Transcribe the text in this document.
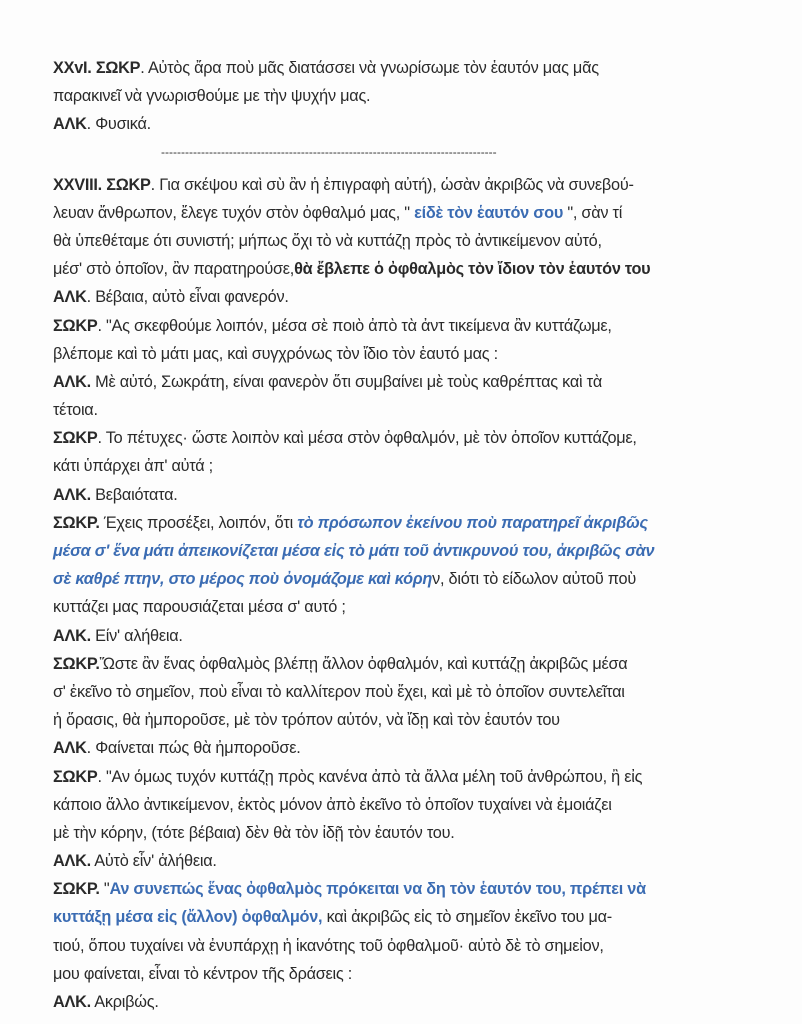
XXvI. ΣΩΚΡ. Αὐτὸς ἄρα ποὺ μᾶς διατάσσει νὰ γνωρίσωμε τὸν ἑαυτόν μας μᾶς
παρακινεῖ νὰ γνωρισθούμε με τὴν ψυχήν μας.
ΑΛΚ. Φυσικά.
------------------------------------------------------------------------------------
XXVIII. ΣΩΚΡ. Για σκέψου καὶ σὺ ἂν ἡ ἐπιγραφὴ αὐτή), ὡσὰν ἀκριβῶς νὰ συνεβού-
λευαν ἄνθρωπον, ἔλεγε τυχόν στὸν ὀφθαλμό μας, " είδὲ τὸν ἑαυτόν σου ", σὰν τί
θὰ ὑπεθέταμε ότι συνιστή; μήπως ὄχι τὸ νὰ κυττάζῃ πρὸς τὸ ἀντικείμενον αὐτό,
μέσ' στὸ ὁποῖον, ἂν παρατηρούσε,θὰ ἔβλεπε ὁ ὀφθαλμὸς τὸν ἴδιον τὸν ἑαυτόν του
ΑΛΚ. Βέβαια, αὐτὸ εἶναι φανερόν.
ΣΩΚΡ. "Ας σκεφθούμε λοιπόν, μέσα σὲ ποιὸ ἀπὸ τὰ ἀντ τικείμενα ἂν κυττάζωμε,
βλέπομε καὶ τὸ μάτι μας, καὶ συγχρόνως τὸν ἴδιο τὸν ἑαυτό μας :
ΑΛΚ. Μὲ αὐτό, Σωκράτη, είναι φανερὸν ὅτι συμβαίνει μὲ τοὺς καθρέπτας καὶ τὰ
τέτοια.
ΣΩΚΡ. Το πέτυχες· ὥστε λοιπὸν καὶ μέσα στὸν ὀφθαλμόν, μὲ τὸν ὁποῖον κυττάζομε,
κάτι ὑπάρχει ἀπ' αὐτά ;
ΑΛΚ. Βεβαιότατα.
ΣΩΚΡ. Έχεις προσέξει, λοιπόν, ὅτι τὸ πρόσωπον ἐκείνου ποὺ παρατηρεῖ ἀκριβῶς
μέσα σ' ἕνα μάτι ἀπεικονίζεται μέσα εἰς τὸ μάτι τοῦ ἀντικρυνού του, ἀκριβῶς σὰν
σὲ καθρέ πτην, στο μέρος ποὺ ὀνομάζομε καὶ κόρην, διότι τὸ είδωλον αὐτοῦ ποὺ
κυττάζει μας παρουσιάζεται μέσα σ' αυτό ;
ΑΛΚ. Είν' αλήθεια.
ΣΩΚΡ.Ὥστε ἂν ἕνας ὀφθαλμὸς βλέπῃ ἄλλον ὀφθαλμόν, καὶ κυττάζῃ ἀκριβῶς μέσα
σ' ἐκεῖνο τὸ σημεῖον, ποὺ εἶναι τὸ καλλίτερον ποὺ ἔχει, καὶ μὲ τὸ ὁποῖον συντελεῖται
ἡ ὅρασις, θὰ ἠμποροῦσε, μὲ τὸν τρόπον αὐτόν, νὰ ἴδῃ καὶ τὸν ἑαυτόν του
ΑΛΚ. Φαίνεται πώς θὰ ἠμποροῦσε.
ΣΩΚΡ. "Αν όμως τυχόν κυττάζῃ πρὸς κανένα ἀπὸ τὰ ἄλλα μέλη τοῦ ἀνθρώπου, ἢ εἰς
κάποιο ἄλλο ἀντικείμενον, ἐκτὸς μόνον ἀπὸ ἐκεῖνο τὸ ὁποῖον τυχαίνει νὰ ἐμοιάζει
μὲ τὴν κόρην, (τότε βέβαια) δὲν θὰ τὸν ἰδῇ τὸν ἑαυτόν του.
ΑΛΚ. Αὐτὸ εἶν' ἀλήθεια.
ΣΩΚΡ. "Αν συνεπώς ἕνας ὀφθαλμὸς πρόκειται να δη τὸν ἑαυτόν του, πρέπει νὰ
κυττάξῃ μέσα εἰς (ἄλλον) ὀφθαλμόν, καὶ ἀκριβῶς εἰς τὸ σημεῖον ἐκεῖνο του μα-
τιού, ὅπου τυχαίνει νὰ ἐνυπάρχῃ ἡ ἱκανότης τοῦ ὀφθαλμοῦ· αὐτὸ δὲ τὸ σημεἱον,
μου φαίνεται, εἶναι τὸ κέντρον τῆς δράσεις :
ΑΛΚ. Ακριβώς.
